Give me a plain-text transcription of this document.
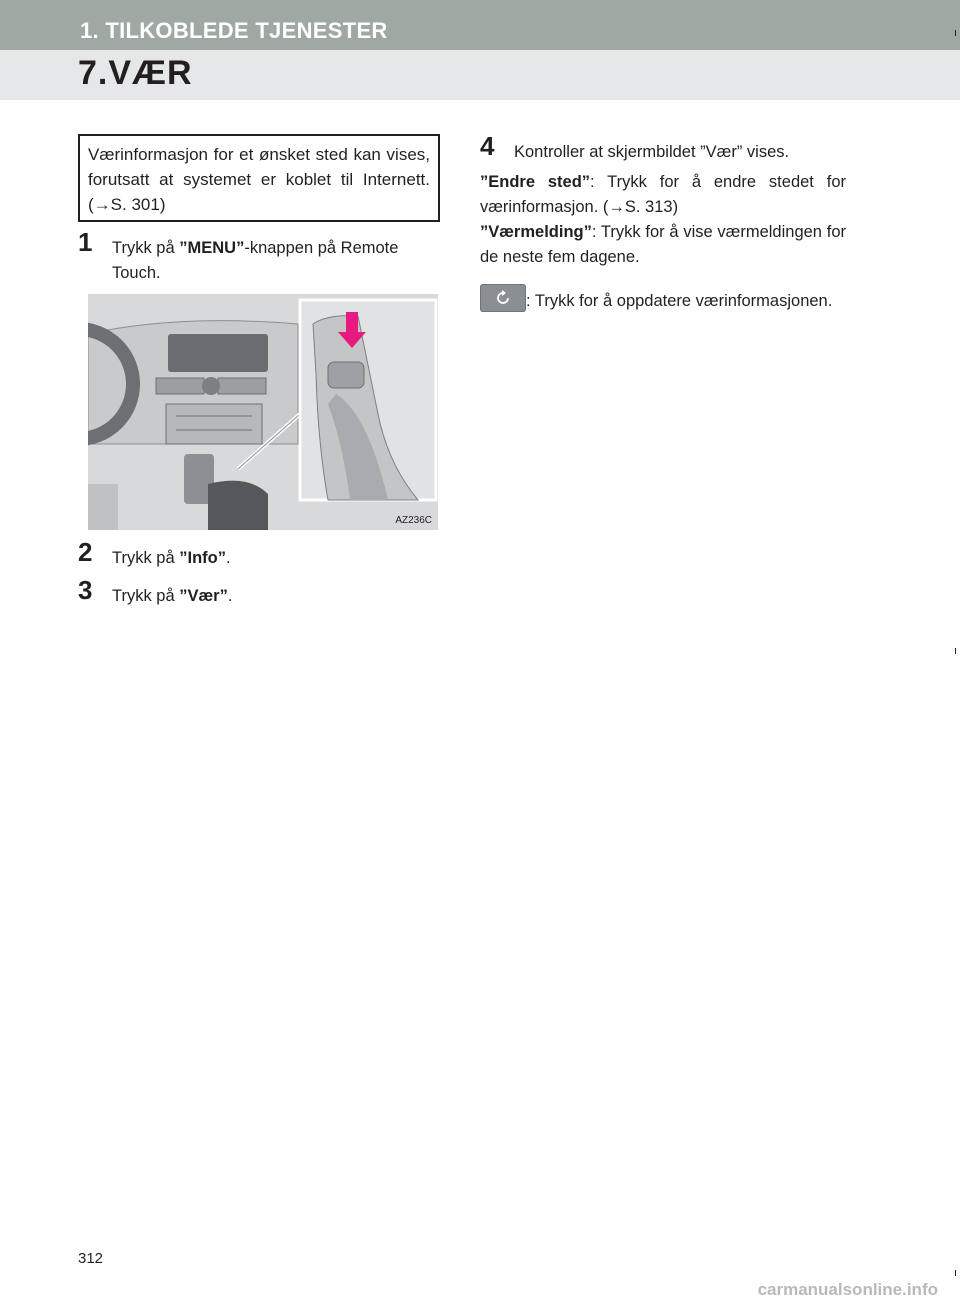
1. TILKOBLEDE TJENESTER
7.VÆR
Værinformasjon for et ønsket sted kan vises, forutsatt at systemet er koblet til Internett. (→S. 301)
1	Trykk på ”MENU”-knappen på Remote Touch.
AZ236C
2	Trykk på ”Info”.
3	Trykk på ”Vær”.
4	Kontroller at skjermbildet ”Vær” vises.
”Endre sted”: Trykk for å endre stedet for værinformasjon. (→S. 313)
”Værmelding”: Trykk for å vise værmeldingen for de neste fem dagene.
: Trykk for å oppdatere værinformasjonen.
312
carmanualsonline.info
